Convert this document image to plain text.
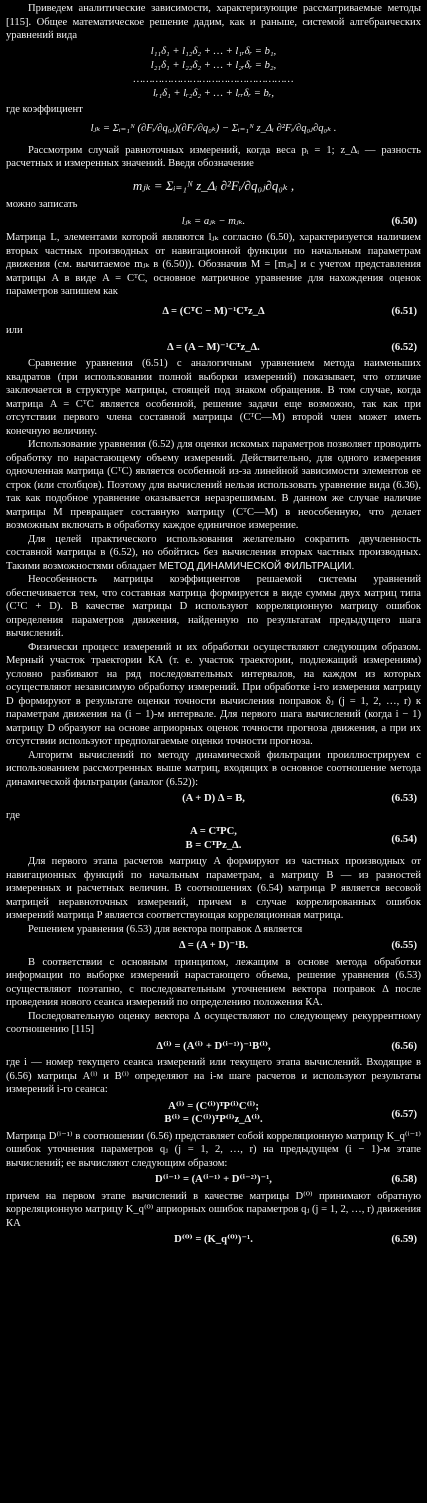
Приведем аналитические зависимости, характеризующие рассматриваемые методы [115]. Общее математическое решение дадим, как и раньше, системой алгебраических уравнений вида

l₁₁δ₁ + l₁₂δ₂ + … + l₁ᵣδᵣ = b₁,
l₂₁δ₁ + l₂₂δ₂ + … + l₂ᵣδᵣ = b₂,
……………………………………………
lᵣ₁δ₁ + lᵣ₂δ₂ + … + lᵣᵣδᵣ = bᵣ,

где коэффициент

lⱼₖ = Σᵢ₌₁ᴺ (∂Fᵢ/∂q₀ⱼ)(∂Fᵢ/∂q₀ₖ) − Σᵢ₌₁ᴺ z_Δᵢ ∂²Fᵢ/∂q₀ⱼ∂q₀ₖ .

Рассмотрим случай равноточных измерений, когда веса pᵢ = 1; z_Δᵢ — разность расчетных и измеренных значений. Введя обозначение

mⱼₖ = Σᵢ₌₁ᴺ z_Δᵢ ∂²Fᵢ/∂q₀ⱼ∂q₀ₖ ,

можно записать

lⱼₖ = aⱼₖ − mⱼₖ.	(6.50)

Матрица L, элементами которой являются lⱼₖ согласно (6.50), характеризуется наличием вторых частных производных от навигационной функции по начальным параметрам движения (см. вычитаемое mⱼₖ в (6.50)). Обозначив M = [mⱼₖ] и с учетом представления матрицы A в виде A = CᵀC, основное матричное уравнение для нахождения оценок параметров запишем как

Δ = (CᵀC − M)⁻¹Cᵀz_Δ	(6.51)

или

Δ = (A − M)⁻¹Cᵀz_Δ.	(6.52)

Сравнение уравнения (6.51) с аналогичным уравнением метода наименьших квадратов (при использовании полной выборки измерений) показывает, что отличие заключается в структуре матрицы, стоящей под знаком обращения. В том случае, когда матрица A = CᵀC является особенной, решение задачи еще возможно, так как при отсутствии первого члена составной матрицы (CᵀC—M) второй член может иметь конечную величину.

Использование уравнения (6.52) для оценки искомых параметров позволяет проводить обработку по нарастающему объему измерений. Действительно, для одного измерения одночленная матрица (CᵀC) является особенной из-за линейной зависимости элементов ее строк (или столбцов). Поэтому для вычислений нельзя использовать уравнение вида (6.36), так как подобное уравнение оказывается неразрешимым. В данном же случае наличие матрицы M превращает составную матрицу (CᵀC—M) в неособенную, что делает возможным включать в обработку каждое единичное измерение.

Для целей практического использования желательно сократить двучленность составной матрицы в (6.52), но обойтись без вычисления вторых частных производных. Такими возможностями обладает МЕТОД ДИНАМИЧЕСКОЙ ФИЛЬТРАЦИИ.

Неособенность матрицы коэффициентов решаемой системы уравнений обеспечивается тем, что составная матрица формируется в виде суммы двух матриц типа (CᵀC + D). В качестве матрицы D используют корреляционную матрицу ошибок определения параметров движения, найденную по результатам предыдущего шага вычислений.

Физически процесс измерений и их обработки осуществляют следующим образом. Мерный участок траектории КА (т. е. участок траектории, подлежащий измерениям) условно разбивают на ряд последовательных интервалов, на каждом из которых осуществляют независимую обработку измерений. При обработке i-го измерения матрицу D формируют в результате оценки точности вычисления поправок δⱼ (j = 1, 2, …, r) к параметрам движения на (i − 1)-м интервале. Для первого шага вычислений (когда i − 1) матрицу D образуют на основе априорных оценок точности прогноза движения, а при их отсутствии используют предполагаемые оценки точности прогноза.

Алгоритм вычислений по методу динамической фильтрации проиллюстрируем с использованием рассмотренных выше матриц, входящих в основное соотношение метода динамической фильтрации (аналог (6.52)):

(A + D) Δ = B,	(6.53)

где

A = CᵀPC,
B = CᵀPz_Δ.	(6.54)

Для первого этапа расчетов матрицу A формируют из частных производных от навигационных функций по начальным параметрам, а матрицу B — из разностей измеренных и расчетных величин. В соотношениях (6.54) матрица P является весовой матрицей неравноточных измерений, причем в случае коррелированных ошибок измерений матрица P является соответствующая корреляционная матрица.

Решением уравнения (6.53) для вектора поправок Δ является

Δ = (A + D)⁻¹B.	(6.55)

В соответствии с основным принципом, лежащим в основе метода обработки информации по выборке измерений нарастающего объема, решение уравнения (6.53) осуществляют поэтапно, с последовательным уточнением вектора поправок Δ после проведения нового сеанса измерений по определению положения КА.

Последовательную оценку вектора Δ осуществляют по следующему рекуррентному соотношению [115]

Δ⁽ⁱ⁾ = (A⁽ⁱ⁾ + D⁽ⁱ⁻¹⁾)⁻¹B⁽ⁱ⁾,	(6.56)

где i — номер текущего сеанса измерений или текущего этапа вычислений. Входящие в (6.56) матрицы A⁽ⁱ⁾ и B⁽ⁱ⁾ определяют на i-м шаге расчетов и используют результаты измерений i-го сеанса:

A⁽ⁱ⁾ = (C⁽ⁱ⁾)ᵀP⁽ⁱ⁾C⁽ⁱ⁾;
B⁽ⁱ⁾ = (C⁽ⁱ⁾)ᵀP⁽ⁱ⁾z_Δ⁽ⁱ⁾.	(6.57)

Матрица D⁽ⁱ⁻¹⁾ в соотношении (6.56) представляет собой корреляционную матрицу K_q⁽ⁱ⁻¹⁾ ошибок уточнения параметров qⱼ (j = 1, 2, …, r) на предыдущем (i − 1)-м этапе вычислений; ее вычисляют следующим образом:

D⁽ⁱ⁻¹⁾ = (A⁽ⁱ⁻¹⁾ + D⁽ⁱ⁻²⁾)⁻¹,	(6.58)

причем на первом этапе вычислений в качестве матрицы D⁽⁰⁾ принимают обратную корреляционную матрицу K_q⁽⁰⁾ априорных ошибок параметров qⱼ (j = 1, 2, …, r) движения КА

D⁽⁰⁾ = (K_q⁽⁰⁾)⁻¹.	(6.59)
